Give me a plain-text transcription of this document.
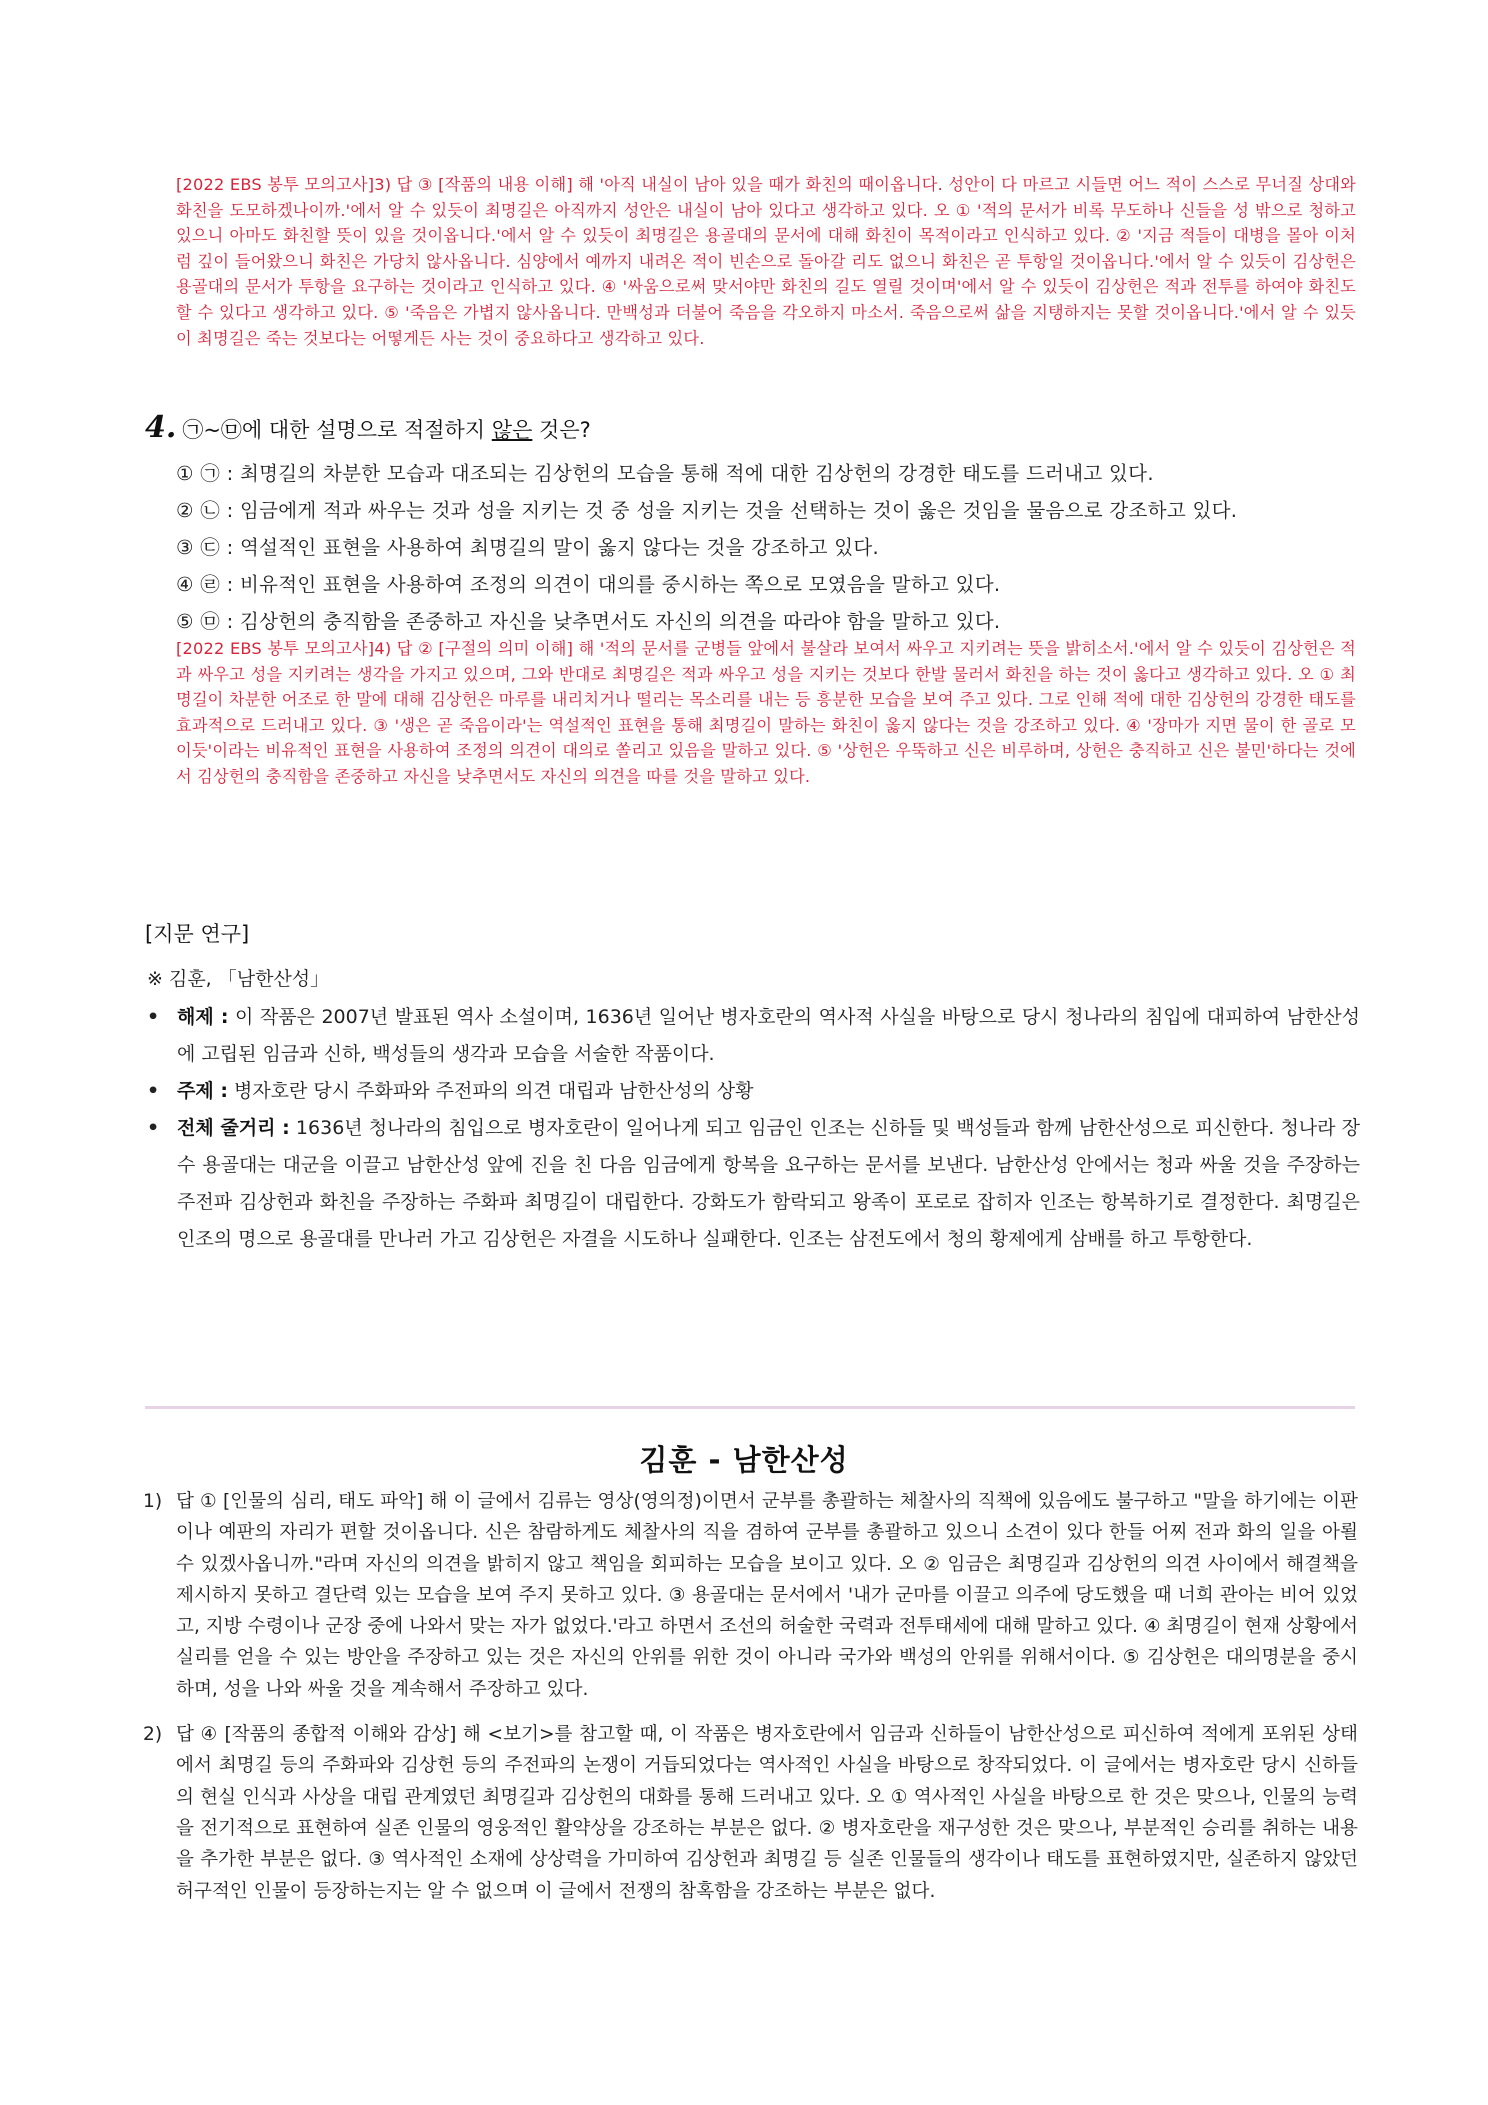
[2022 EBS 봉투 모의고사]3) 답 ③ [작품의 내용 이해] 해 '아직 내실이 남아 있을 때가 화친의 때이옵니다. 성안이 다 마르고 시들면 어느 적이 스스로 무너질 상대와 화친을 도모하겠나이까.'에서 알 수 있듯이 최명길은 아직까지 성안은 내실이 남아 있다고 생각하고 있다. 오 ① '적의 문서가 비록 무도하나 신들을 성 밖으로 청하고 있으니 아마도 화친할 뜻이 있을 것이옵니다.'에서 알 수 있듯이 최명길은 용골대의 문서에 대해 화친이 목적이라고 인식하고 있다. ② '지금 적들이 대병을 몰아 이처럼 깊이 들어왔으니 화친은 가당치 않사옵니다. 심양에서 예까지 내려온 적이 빈손으로 돌아갈 리도 없으니 화친은 곧 투항일 것이옵니다.'에서 알 수 있듯이 김상헌은 용골대의 문서가 투항을 요구하는 것이라고 인식하고 있다. ④ '싸움으로써 맞서야만 화친의 길도 열릴 것이며'에서 알 수 있듯이 김상헌은 적과 전투를 하여야 화친도 할 수 있다고 생각하고 있다. ⑤ '죽음은 가볍지 않사옵니다. 만백성과 더불어 죽음을 각오하지 마소서. 죽음으로써 삶을 지탱하지는 못할 것이옵니다.'에서 알 수 있듯이 최명길은 죽는 것보다는 어떻게든 사는 것이 중요하다고 생각하고 있다.
4. ㉠~㉤에 대한 설명으로 적절하지 않은 것은?
① ㉠ : 최명길의 차분한 모습과 대조되는 김상헌의 모습을 통해 적에 대한 김상헌의 강경한 태도를 드러내고 있다.
② ㉡ : 임금에게 적과 싸우는 것과 성을 지키는 것 중 성을 지키는 것을 선택하는 것이 옳은 것임을 물음으로 강조하고 있다.
③ ㉢ : 역설적인 표현을 사용하여 최명길의 말이 옳지 않다는 것을 강조하고 있다.
④ ㉣ : 비유적인 표현을 사용하여 조정의 의견이 대의를 중시하는 쪽으로 모였음을 말하고 있다.
⑤ ㉤ : 김상헌의 충직함을 존중하고 자신을 낮추면서도 자신의 의견을 따라야 함을 말하고 있다.
[2022 EBS 봉투 모의고사]4) 답 ② [구절의 의미 이해] 해 '적의 문서를 군병들 앞에서 불살라 보여서 싸우고 지키려는 뜻을 밝히소서.'에서 알 수 있듯이 김상헌은 적과 싸우고 성을 지키려는 생각을 가지고 있으며, 그와 반대로 최명길은 적과 싸우고 성을 지키는 것보다 한발 물러서 화친을 하는 것이 옳다고 생각하고 있다. 오 ① 최명길이 차분한 어조로 한 말에 대해 김상헌은 마루를 내리치거나 떨리는 목소리를 내는 등 흥분한 모습을 보여 주고 있다. 그로 인해 적에 대한 김상헌의 강경한 태도를 효과적으로 드러내고 있다. ③ '생은 곧 죽음이라'는 역설적인 표현을 통해 최명길이 말하는 화친이 옳지 않다는 것을 강조하고 있다. ④ '장마가 지면 물이 한 골로 모이듯'이라는 비유적인 표현을 사용하여 조정의 의견이 대의로 쏠리고 있음을 말하고 있다. ⑤ '상헌은 우뚝하고 신은 비루하며, 상헌은 충직하고 신은 불민'하다는 것에서 김상헌의 충직함을 존중하고 자신을 낮추면서도 자신의 의견을 따를 것을 말하고 있다.
[지문 연구]
※ 김훈, 「남한산성」
• 해제 : 이 작품은 2007년 발표된 역사 소설이며, 1636년 일어난 병자호란의 역사적 사실을 바탕으로 당시 청나라의 침입에 대피하여 남한산성에 고립된 임금과 신하, 백성들의 생각과 모습을 서술한 작품이다.
• 주제 : 병자호란 당시 주화파와 주전파의 의견 대립과 남한산성의 상황
• 전체 줄거리 : 1636년 청나라의 침입으로 병자호란이 일어나게 되고 임금인 인조는 신하들 및 백성들과 함께 남한산성으로 피신한다. 청나라 장수 용골대는 대군을 이끌고 남한산성 앞에 진을 친 다음 임금에게 항복을 요구하는 문서를 보낸다. 남한산성 안에서는 청과 싸울 것을 주장하는 주전파 김상헌과 화친을 주장하는 주화파 최명길이 대립한다. 강화도가 함락되고 왕족이 포로로 잡히자 인조는 항복하기로 결정한다. 최명길은 인조의 명으로 용골대를 만나러 가고 김상헌은 자결을 시도하나 실패한다. 인조는 삼전도에서 청의 황제에게 삼배를 하고 투항한다.
김훈 - 남한산성
1) 답 ① [인물의 심리, 태도 파악] 해 이 글에서 김류는 영상(영의정)이면서 군부를 총괄하는 체찰사의 직책에 있음에도 불구하고 "말을 하기에는 이판이나 예판의 자리가 편할 것이옵니다. 신은 참람하게도 체찰사의 직을 겸하여 군부를 총괄하고 있으니 소견이 있다 한들 어찌 전과 화의 일을 아뢸 수 있겠사옵니까."라며 자신의 의견을 밝히지 않고 책임을 회피하는 모습을 보이고 있다. 오 ② 임금은 최명길과 김상헌의 의견 사이에서 해결책을 제시하지 못하고 결단력 있는 모습을 보여 주지 못하고 있다. ③ 용골대는 문서에서 '내가 군마를 이끌고 의주에 당도했을 때 너희 관아는 비어 있었고, 지방 수령이나 군장 중에 나와서 맞는 자가 없었다.'라고 하면서 조선의 허술한 국력과 전투태세에 대해 말하고 있다. ④ 최명길이 현재 상황에서 실리를 얻을 수 있는 방안을 주장하고 있는 것은 자신의 안위를 위한 것이 아니라 국가와 백성의 안위를 위해서이다. ⑤ 김상헌은 대의명분을 중시하며, 성을 나와 싸울 것을 계속해서 주장하고 있다.
2) 답 ④ [작품의 종합적 이해와 감상] 해 <보기>를 참고할 때, 이 작품은 병자호란에서 임금과 신하들이 남한산성으로 피신하여 적에게 포위된 상태에서 최명길 등의 주화파와 김상헌 등의 주전파의 논쟁이 거듭되었다는 역사적인 사실을 바탕으로 창작되었다. 이 글에서는 병자호란 당시 신하들의 현실 인식과 사상을 대립 관계였던 최명길과 김상헌의 대화를 통해 드러내고 있다. 오 ① 역사적인 사실을 바탕으로 한 것은 맞으나, 인물의 능력을 전기적으로 표현하여 실존 인물의 영웅적인 활약상을 강조하는 부분은 없다. ② 병자호란을 재구성한 것은 맞으나, 부분적인 승리를 취하는 내용을 추가한 부분은 없다. ③ 역사적인 소재에 상상력을 가미하여 김상헌과 최명길 등 실존 인물들의 생각이나 태도를 표현하였지만, 실존하지 않았던 허구적인 인물이 등장하는지는 알 수 없으며 이 글에서 전쟁의 참혹함을 강조하는 부분은 없다.
